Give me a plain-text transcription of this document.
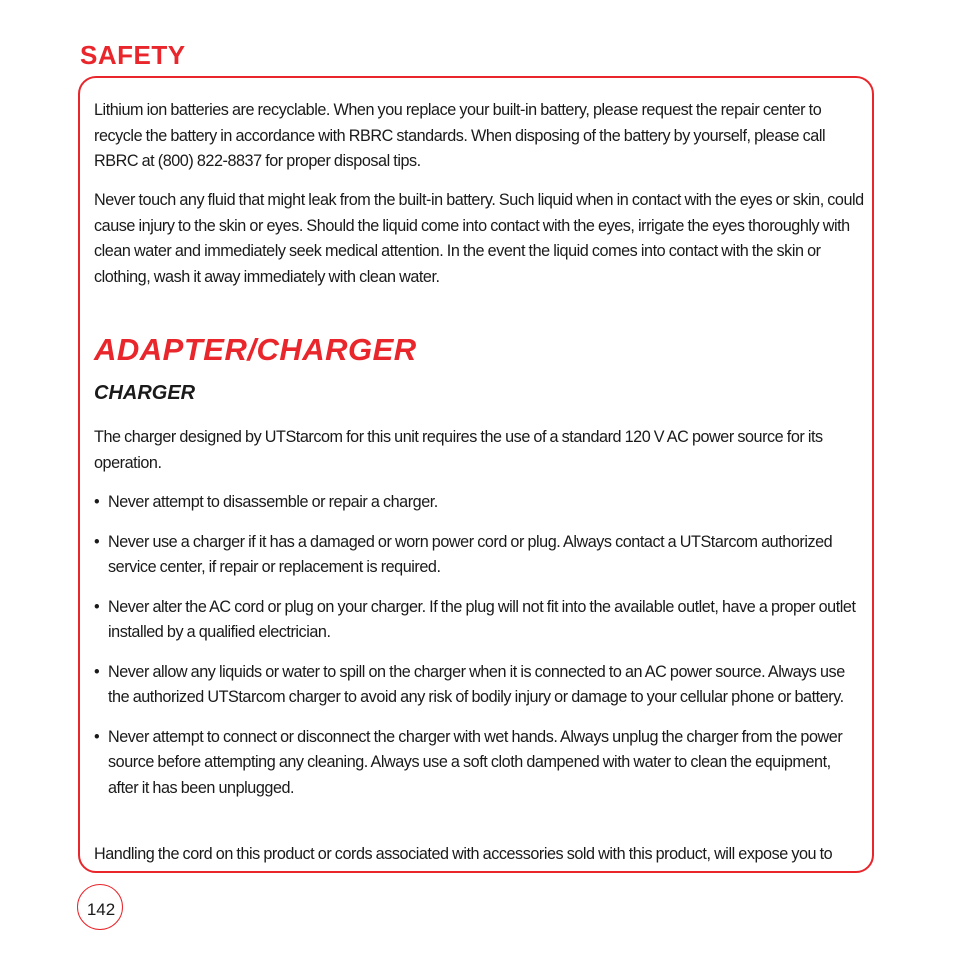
SAFETY

Lithium ion batteries are recyclable. When you replace your built-in battery, please request the repair center to recycle the battery in accordance with RBRC standards. When disposing of the battery by yourself, please call RBRC at (800) 822-8837 for proper disposal tips.

Never touch any fluid that might leak from the built-in battery. Such liquid when in contact with the eyes or skin, could cause injury to the skin or eyes. Should the liquid come into contact with the eyes, irrigate the eyes thoroughly with clean water and immediately seek medical attention. In the event the liquid comes into contact with the skin or clothing, wash it away immediately with clean water.

ADAPTER/CHARGER
CHARGER

The charger designed by UTStarcom for this unit requires the use of a standard 120 V AC power source for its operation.

• Never attempt to disassemble or repair a charger.
• Never use a charger if it has a damaged or worn power cord or plug. Always contact a UTStarcom authorized service center, if repair or replacement is required.
• Never alter the AC cord or plug on your charger. If the plug will not fit into the available outlet, have a proper outlet installed by a qualified electrician.
• Never allow any liquids or water to spill on the charger when it is connected to an AC power source. Always use the authorized UTStarcom charger to avoid any risk of bodily injury or damage to your cellular phone or battery.
• Never attempt to connect or disconnect the charger with wet hands. Always unplug the charger from the power source before attempting any cleaning. Always use a soft cloth dampened with water to clean the equipment, after it has been unplugged.

Handling the cord on this product or cords associated with accessories sold with this product, will expose you to

142
